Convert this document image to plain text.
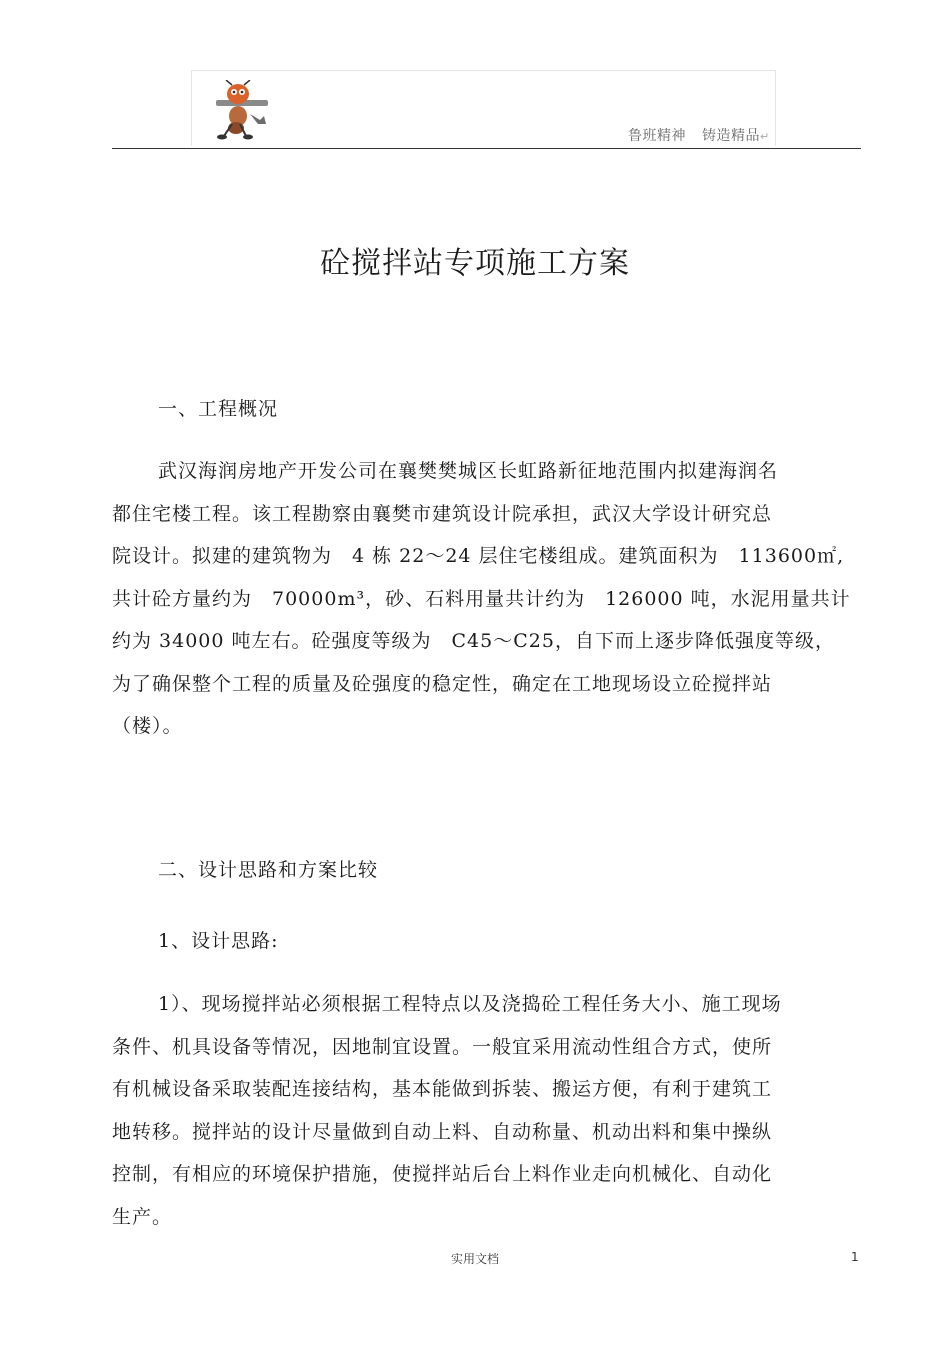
鲁班精神 铸造精品↵
砼搅拌站专项施工方案
一、工程概况
武汉海润房地产开发公司在襄樊樊城区长虹路新征地范围内拟建海润名
都住宅楼工程。该工程勘察由襄樊市建筑设计院承担，武汉大学设计研究总
院设计。拟建的建筑物为　4 栋 22～24 层住宅楼组成。建筑面积为　113600㎡,
共计砼方量约为　70000m³，砂、石料用量共计约为　126000 吨，水泥用量共计
约为 34000 吨左右。砼强度等级为　C45～C25，自下而上逐步降低强度等级，
为了确保整个工程的质量及砼强度的稳定性，确定在工地现场设立砼搅拌站
（楼）。
二、设计思路和方案比较
1、设计思路:
1）、现场搅拌站必须根据工程特点以及浇捣砼工程任务大小、施工现场
条件、机具设备等情况，因地制宜设置。一般宜采用流动性组合方式，使所
有机械设备采取装配连接结构，基本能做到拆装、搬运方便，有利于建筑工
地转移。搅拌站的设计尽量做到自动上料、自动称量、机动出料和集中操纵
控制，有相应的环境保护措施，使搅拌站后台上料作业走向机械化、自动化
生产。
实用文档	1
